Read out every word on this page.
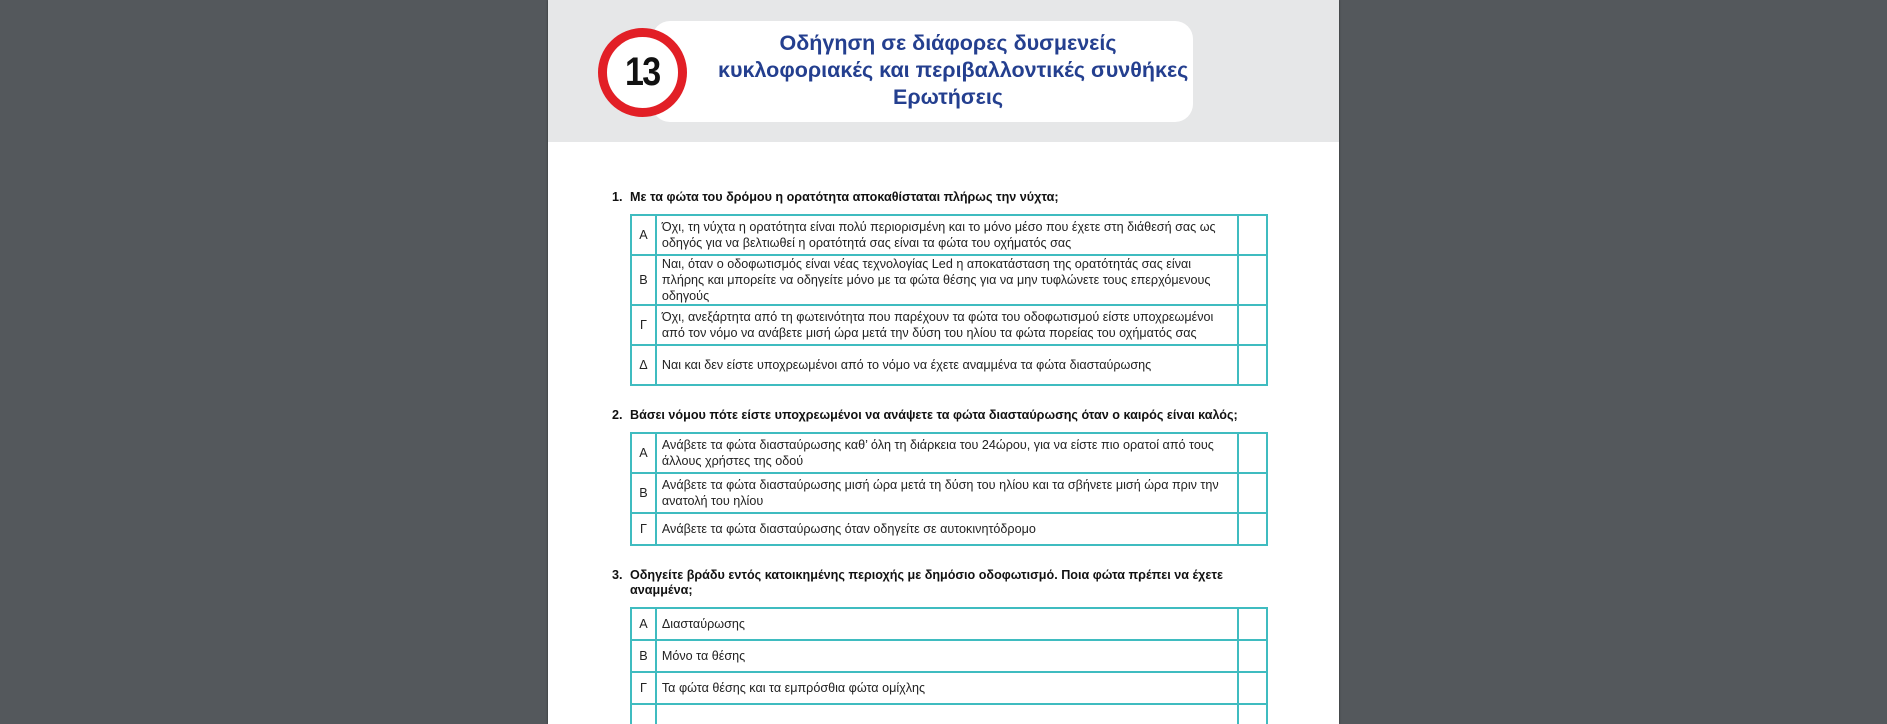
13
Οδήγηση σε διάφορες δυσμενείς
κυκλοφοριακές και περιβαλλοντικές συνθήκες
Ερωτήσεις
1. Με τα φώτα του δρόμου η ορατότητα αποκαθίσταται πλήρως την νύχτα;
Α	Όχι, τη νύχτα η ορατότητα είναι πολύ περιορισμένη και το μόνο μέσο που έχετε στη διάθεσή σας ως οδηγός για να βελτιωθεί η ορατότητά σας είναι τα φώτα του οχήματός σας	
Β	Ναι, όταν ο οδοφωτισμός είναι νέας τεχνολογίας Led η αποκατάσταση της ορατότητάς σας είναι πλήρης και μπορείτε να οδηγείτε μόνο με τα φώτα θέσης για να μην τυφλώνετε τους επερχόμενους οδηγούς	
Γ	Όχι, ανεξάρτητα από τη φωτεινότητα που παρέχουν τα φώτα του οδοφωτισμού είστε υποχρεωμένοι από τον νόμο να ανάβετε μισή ώρα μετά την δύση του ηλίου τα φώτα πορείας του οχήματός σας	
Δ	Ναι και δεν είστε υποχρεωμένοι από το νόμο να έχετε αναμμένα τα φώτα διασταύρωσης	
2. Βάσει νόμου πότε είστε υποχρεωμένοι να ανάψετε τα φώτα διασταύρωσης όταν ο καιρός είναι καλός;
Α	Ανάβετε τα φώτα διασταύρωσης καθ’ όλη τη διάρκεια του 24ώρου, για να είστε πιο ορατοί από τους άλλους χρήστες της οδού	
Β	Ανάβετε τα φώτα διασταύρωσης μισή ώρα μετά τη δύση του ηλίου και τα σβήνετε μισή ώρα πριν την ανατολή του ηλίου	
Γ	Ανάβετε τα φώτα διασταύρωσης όταν οδηγείτε σε αυτοκινητόδρομο	
3. Οδηγείτε βράδυ εντός κατοικημένης περιοχής με δημόσιο οδοφωτισμό. Ποια φώτα πρέπει να έχετε αναμμένα;
Α	Διασταύρωσης	
Β	Μόνο τα θέσης	
Γ	Τα φώτα θέσης και τα εμπρόσθια φώτα ομίχλης	
